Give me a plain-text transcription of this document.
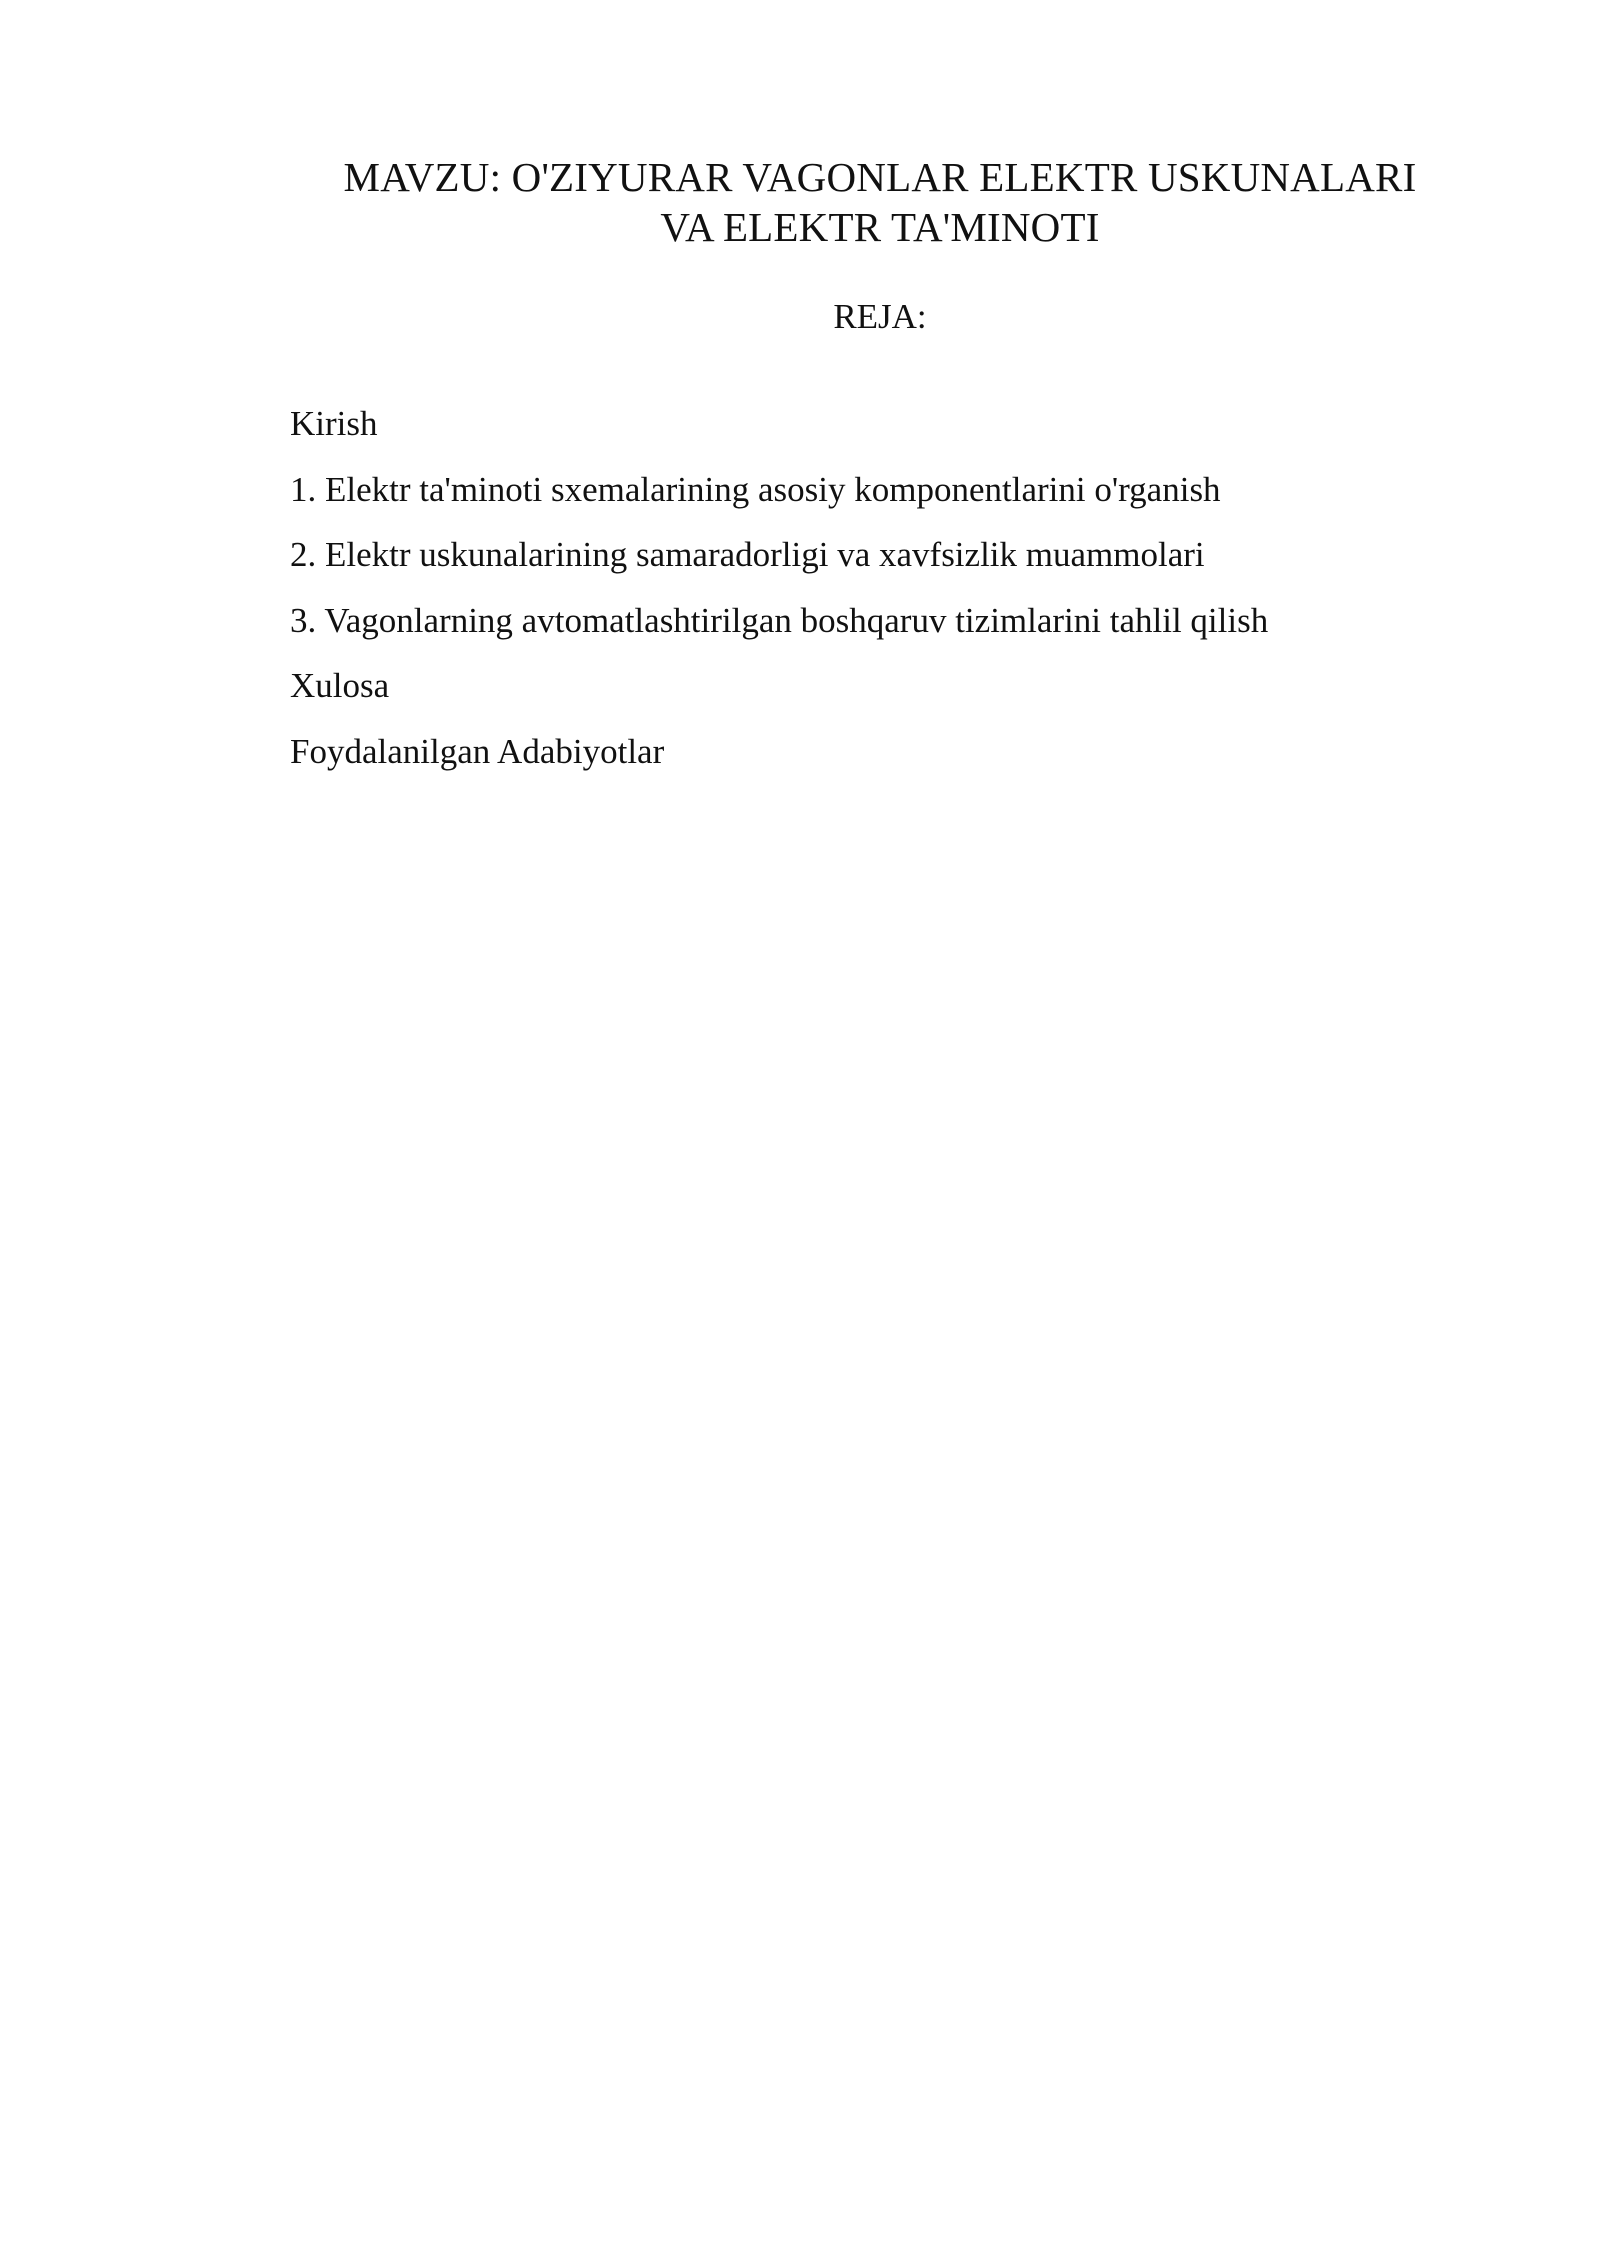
MAVZU: O'ZIYURAR VAGONLAR ELEKTR USKUNALARI
VA ELEKTR TA'MINOTI
REJA:
Kirish
1. Elektr ta'minoti sxemalarining asosiy komponentlarini o'rganish
2. Elektr uskunalarining samaradorligi va xavfsizlik muammolari
3. Vagonlarning avtomatlashtirilgan boshqaruv tizimlarini tahlil qilish
Xulosa
Foydalanilgan Adabiyotlar
